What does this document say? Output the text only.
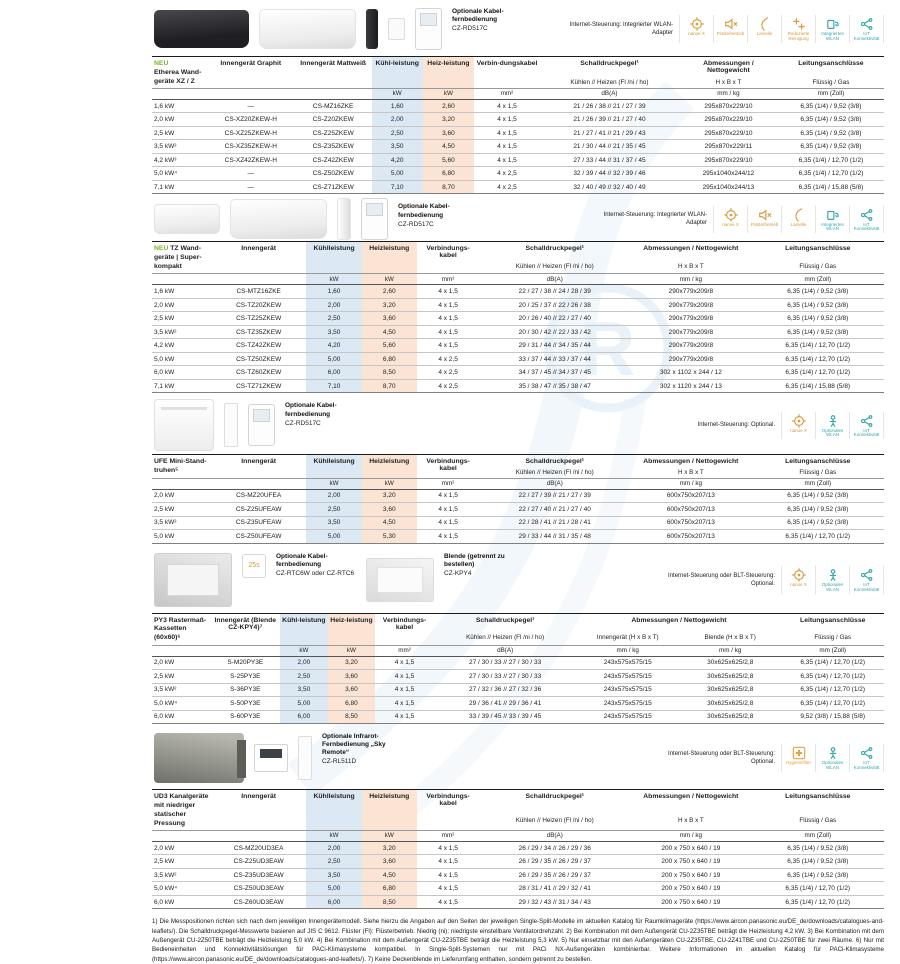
R
Optionale Kabelfernbedienung
CZ-RD517C
Internet-Steuerung: Integrierter WLAN-Adapter	nanoe X	Flüsterbetrieb	Lamelle	Reduzierte Reinigung
Integriertes WLAN
IoT Konnektivität
NEU
Etherea Wandgeräte XZ / Z	Innengerät Graphit	Innengerät Mattweiß	Kühl-leistung	Heiz-leistung	Verbin-dungskabel	Schalldruckpegel¹	Abmessungen / Nettogewicht	Leitungsanschlüsse
						Kühlen // Heizen (Fl /ni / ho)	H x B x T	Flüssig / Gas
			kW	kW	mm²	dB(A)	mm / kg	mm (Zoll)
1,6 kW	—	CS-MZ16ZKE	1,60	2,60	4 x 1,5	21 / 26 / 38 // 21 / 27 / 39	295x870x229/10	6,35 (1/4) / 9,52 (3/8)
2,0 kW	CS-XZ20ZKEW-H	CS-Z20ZKEW	2,00	3,20	4 x 1,5	21 / 26 / 39 // 21 / 27 / 40	295x870x229/10	6,35 (1/4) / 9,52 (3/8)
2,5 kW	CS-XZ25ZKEW-H	CS-Z25ZKEW	2,50	3,60	4 x 1,5	21 / 27 / 41 // 21 / 29 / 43	295x870x229/10	6,35 (1/4) / 9,52 (3/8)
3,5 kW²	CS-XZ35ZKEW-H	CS-Z35ZKEW	3,50	4,50	4 x 1,5	21 / 30 / 44 // 21 / 35 / 45	295x870x229/11	6,35 (1/4) / 9,52 (3/8)
4,2 kW³	CS-XZ42ZKEW-H	CS-Z42ZKEW	4,20	5,60	4 x 1,5	27 / 33 / 44 // 31 / 37 / 45	295x870x229/10	6,35 (1/4) / 12,70 (1/2)
5,0 kW⁴	—	CS-Z50ZKEW	5,00	6,80	4 x 2,5	32 / 39 / 44 // 32 / 39 / 46	295x1040x244/12	6,35 (1/4) / 12,70 (1/2)
7,1 kW	—	CS-Z71ZKEW	7,10	8,70	4 x 2,5	32 / 40 / 49 // 32 / 40 / 49	295x1040x244/13	6,35 (1/4) / 15,88 (5/8)
Optionale Kabelfernbedienung
CZ-RD517C
Internet-Steuerung: Integrierter WLAN-Adapter	nanoe X	Flüsterbetrieb	Lamelle	Integriertes WLAN
IoT Konnektivität
NEU TZ Wandgeräte | Superkompakt	Innengerät	Kühlleistung	Heizleistung	Verbindungs-kabel	Schalldruckpegel¹	Abmessungen / Nettogewicht	Leitungsanschlüsse
					Kühlen // Heizen (Fl /ni / ho)	H x B x T	Flüssig / Gas
		kW	kW	mm²	dB(A)	mm / kg	mm (Zoll)
1,6 kW	CS-MTZ16ZKE	1,60	2,60	4 x 1,5	22 / 27 / 38 // 24 / 28 / 39	290x779x209/8	6,35 (1/4) / 9,52 (3/8)
2,0 kW	CS-TZ20ZKEW	2,00	3,20	4 x 1,5	20 / 25 / 37 // 22 / 26 / 38	290x779x209/8	6,35 (1/4) / 9,52 (3/8)
2,5 kW	CS-TZ25ZKEW	2,50	3,60	4 x 1,5	20 / 26 / 40 // 22 / 27 / 40	290x779x209/8	6,35 (1/4) / 9,52 (3/8)
3,5 kW²	CS-TZ35ZKEW	3,50	4,50	4 x 1,5	20 / 30 / 42 // 22 / 33 / 42	290x779x209/8	6,35 (1/4) / 9,52 (3/8)
4,2 kW	CS-TZ42ZKEW	4,20	5,60	4 x 1,5	29 / 31 / 44 // 34 / 35 / 44	290x779x209/8	6,35 (1/4) / 12,70 (1/2)
5,0 kW	CS-TZ50ZKEW	5,00	6,80	4 x 2,5	33 / 37 / 44 // 33 / 37 / 44	290x779x209/8	6,35 (1/4) / 12,70 (1/2)
6,0 kW	CS-TZ60ZKEW	6,00	8,50	4 x 2,5	34 / 37 / 45 // 34 / 37 / 45	302 x 1102 x 244 / 12	6,35 (1/4) / 12,70 (1/2)
7,1 kW	CS-TZ71ZKEW	7,10	8,70	4 x 2,5	35 / 38 / 47 // 35 / 38 / 47	302 x 1120 x 244 / 13	6,35 (1/4) / 15,88 (5/8)
Optionale Kabelfernbedienung
CZ-RD517C	Internet-Steuerung: Optional.
nanoe X	Optionales WLAN
IoT Konnektivität
UFE Mini-Standtruhen⁵	Innengerät	Kühlleistung	Heizleistung	Verbindungs-kabel	Schalldruckpegel¹	Abmessungen / Nettogewicht	Leitungsanschlüsse
					Kühlen // Heizen (Fl /ni / ho)	H x B x T	Flüssig / Gas
		kW	kW	mm²	dB(A)	mm / kg	mm (Zoll)
2,0 kW	CS-MZ20UFEA	2,00	3,20	4 x 1,5	22 / 27 / 39 // 21 / 27 / 39	600x750x207/13	6,35 (1/4) / 9,52 (3/8)
2,5 kW	CS-Z25UFEAW	2,50	3,60	4 x 1,5	22 / 27 / 40 // 21 / 27 / 40	600x750x207/13	6,35 (1/4) / 9,52 (3/8)
3,5 kW²	CS-Z35UFEAW	3,50	4,50	4 x 1,5	22 / 28 / 41 // 21 / 28 / 41	600x750x207/13	6,35 (1/4) / 9,52 (3/8)
5,0 kW	CS-Z50UFEAW	5,00	5,30	4 x 1,5	29 / 33 / 44 // 31 / 35 / 48	600x750x207/13	6,35 (1/4) / 12,70 (1/2)
25s
Optionale Kabelfernbedienung
CZ-RTC6W oder CZ-RTC6
Blende (getrennt zu bestellen)
CZ-KPY4	Internet-Steuerung oder BLT-Steuerung: Optional.	nanoe X	Optionales WLAN
IoT Konnektivität
PY3 Rastermaß-Kassetten (60x60)⁶	Innengerät (Blende CZ-KPY4)⁷	Kühl-leistung	Heiz-leistung	Verbindungs-kabel	Schalldruckpegel¹	Abmessungen / Nettogewicht		Leitungsanschlüsse
					Kühlen // Heizen (Fl /ni / ho)	Innengerät (H x B x T)	Blende (H x B x T)	Flüssig / Gas
		kW	kW	mm²	dB(A)	mm / kg	mm / kg	mm (Zoll)
2,0 kW	S-M20PY3E	2,00	3,20	4 x 1,5	27 / 30 / 33 // 27 / 30 / 33	243x575x575/15	30x625x625/2,8	6,35 (1/4) / 12,70 (1/2)
2,5 kW	S-25PY3E	2,50	3,60	4 x 1,5	27 / 30 / 33 // 27 / 30 / 33	243x575x575/15	30x625x625/2,8	6,35 (1/4) / 12,70 (1/2)
3,5 kW²	S-36PY3E	3,50	3,60	4 x 1,5	27 / 32 / 36 // 27 / 32 / 36	243x575x575/15	30x625x625/2,8	6,35 (1/4) / 12,70 (1/2)
5,0 kW⁴	S-50PY3E	5,00	6,80	4 x 1,5	29 / 36 / 41 // 29 / 36 / 41	243x575x575/15	30x625x625/2,8	6,35 (1/4) / 12,70 (1/2)
6,0 kW	S-60PY3E	6,00	8,50	4 x 1,5	33 / 39 / 45 // 33 / 39 / 45	243x575x575/15	30x625x625/2,8	9,52 (3/8) / 15,88 (5/8)
Optionale Infrarot-Fernbedienung „Sky Remote“
CZ-RL511D
Internet-Steuerung oder BLT-Steuerung: Optional. Hygienefilter	Optionales WLAN
IoT Konnektivität
UD3 Kanalgeräte mit niedriger statischer Pressung	Innengerät	Kühlleistung	Heizleistung	Verbindungs-kabel	Schalldruckpegel¹	Abmessungen / Nettogewicht	Leitungsanschlüsse
					Kühlen // Heizen (Fl /ni / ho)	H x B x T	Flüssig / Gas
		kW	kW	mm²	dB(A)	mm / kg	mm (Zoll)
2,0 kW	CS-MZ20UD3EA	2,00	3,20	4 x 1,5	26 / 29 / 34 // 26 / 29 / 36	200 x 750 x 640 / 19	6,35 (1/4) / 9,52 (3/8)
2,5 kW	CS-Z25UD3EAW	2,50	3,60	4 x 1,5	26 / 29 / 35 // 26 / 29 / 37	200 x 750 x 640 / 19	6,35 (1/4) / 9,52 (3/8)
3,5 kW²	CS-Z35UD3EAW	3,50	4,50	4 x 1,5	26 / 29 / 35 // 26 / 29 / 37	200 x 750 x 640 / 19	6,35 (1/4) / 9,52 (3/8)
5,0 kW⁴	CS-Z50UD3EAW	5,00	6,80	4 x 1,5	28 / 31 / 41 // 29 / 32 / 41	200 x 750 x 640 / 19	6,35 (1/4) / 12,70 (1/2)
6,0 kW	CS-Z60UD3EAW	6,00	8,50	4 x 1,5	29 / 32 / 43 // 31 / 34 / 43	200 x 750 x 640 / 19	6,35 (1/4) / 12,70 (1/2)
1) Die Messpositionen richten sich nach dem jeweiligen Innengerätemodell. Siehe hierzu die Angaben auf den Seiten der jeweiligen Single-Split-Modelle im aktuellen Katalog für Raumklimageräte (https://www.aircon.panasonic.eu/DE_de/downloads/catalogues-and-leaflets/). Die Schalldruckpegel-Messwerte basieren auf JIS C 9612. Flüster (Fl): Flüsterbetrieb. Niedrig (ni): niedrigste einstellbare Ventilatordrehzahl. 2) Bei Kombination mit dem Außengerät CU-2Z35TBE beträgt die Heizleistung 4,2 kW. 3) Bei Kombination mit dem Außengerät CU-2Z50TBE beträgt die Heizleistung 5,0 kW. 4) Bei Kombination mit dem Außengerät CU-2Z35TBE beträgt die Heizleistung 5,3 kW. 5) Nur einsetzbar mit den Außengeräten CU-2Z35TBE, CU-2Z41TBE und CU-2Z50TBE für zwei Räume. 6) Nur mit Bedieneinheiten und Konnektivitätslösungen für PACi-Klimasysteme kompatibel. In Single-Split-Systemen nur mit PACi NX-Außengeräten kombinierbar. Weitere Informationen im aktuellen Katalog für PACi-Klimasysteme (https://www.aircon.panasonic.eu/DE_de/downloads/catalogues-and-leaflets/). 7) Keine Deckenblende im Lieferumfang enthalten, sondern getrennt zu bestellen.
